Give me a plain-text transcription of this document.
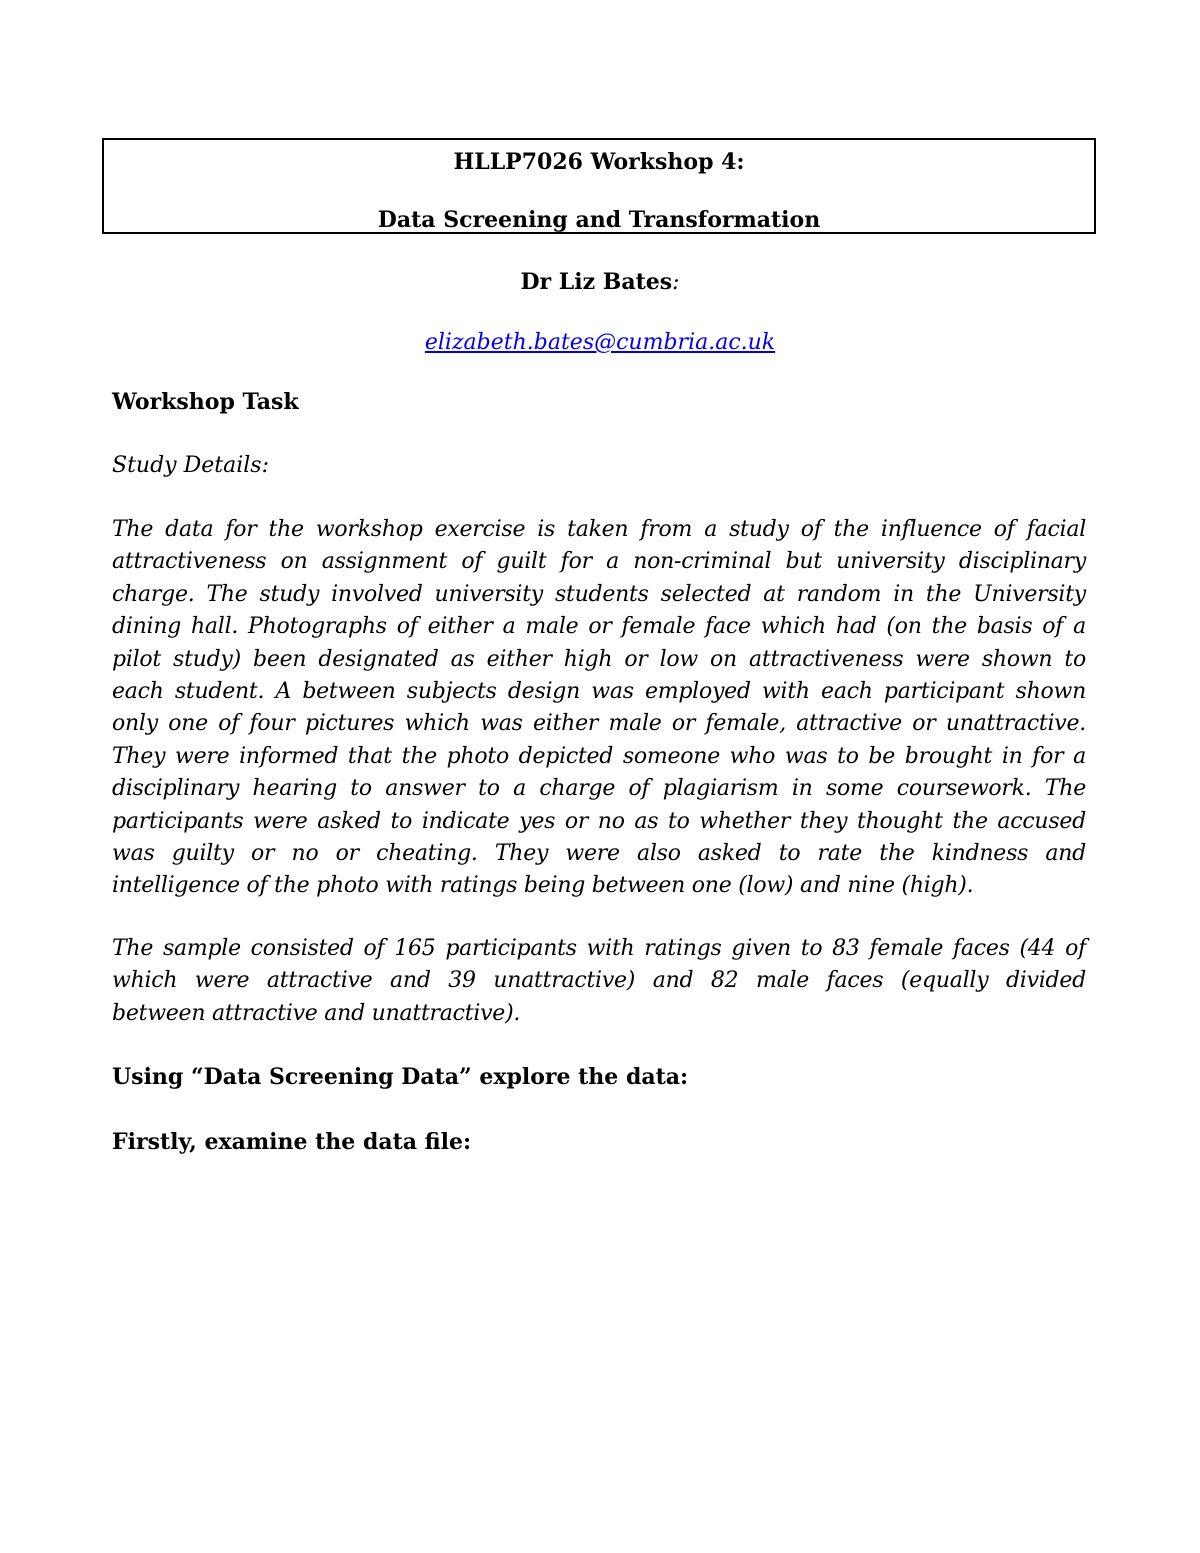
HLLP7026 Workshop 4:
Data Screening and Transformation
Dr Liz Bates:
elizabeth.bates@cumbria.ac.uk
Workshop Task
Study Details:
The data for the workshop exercise is taken from a study of the influence of facial
attractiveness on assignment of guilt for a non-criminal but university disciplinary
charge. The study involved university students selected at random in the University
dining hall. Photographs of either a male or female face which had (on the basis of a
pilot study) been designated as either high or low on attractiveness were shown to
each student. A between subjects design was employed with each participant shown
only one of four pictures which was either male or female, attractive or unattractive.
They were informed that the photo depicted someone who was to be brought in for a
disciplinary hearing to answer to a charge of plagiarism in some coursework. The
participants were asked to indicate yes or no as to whether they thought the accused
was guilty or no or cheating. They were also asked to rate the kindness and
intelligence of the photo with ratings being between one (low) and nine (high).
The sample consisted of 165 participants with ratings given to 83 female faces (44 of
which were attractive and 39 unattractive) and 82 male faces (equally divided
between attractive and unattractive).
Using “Data Screening Data” explore the data:
Firstly, examine the data file:
